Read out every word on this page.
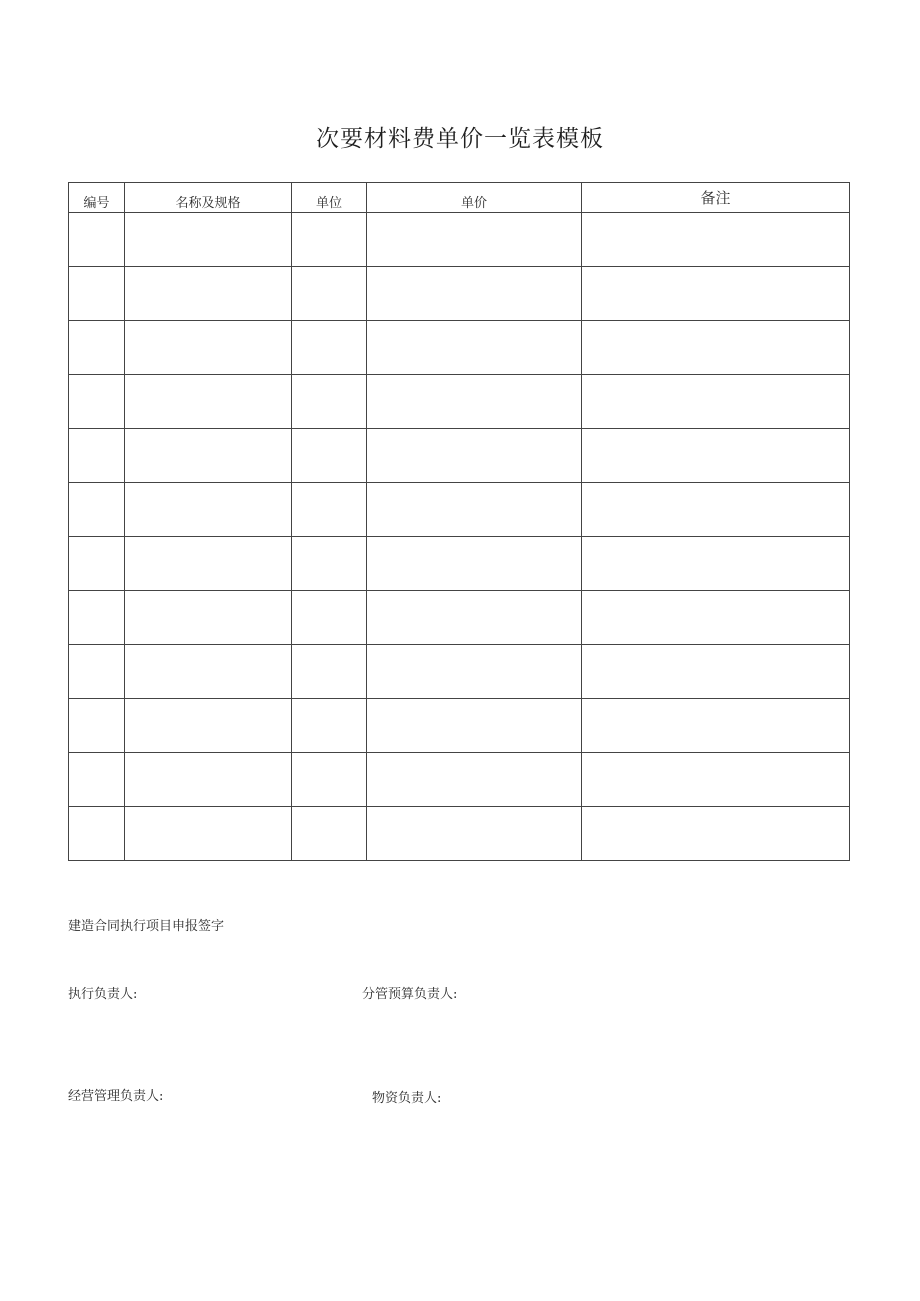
次要材料费单价一览表模板
编号	名称及规格	单位	单价	备注

建造合同执行项目申报签字
执行负责人:	分管预算负责人:
经营管理负责人:	物资负责人:
